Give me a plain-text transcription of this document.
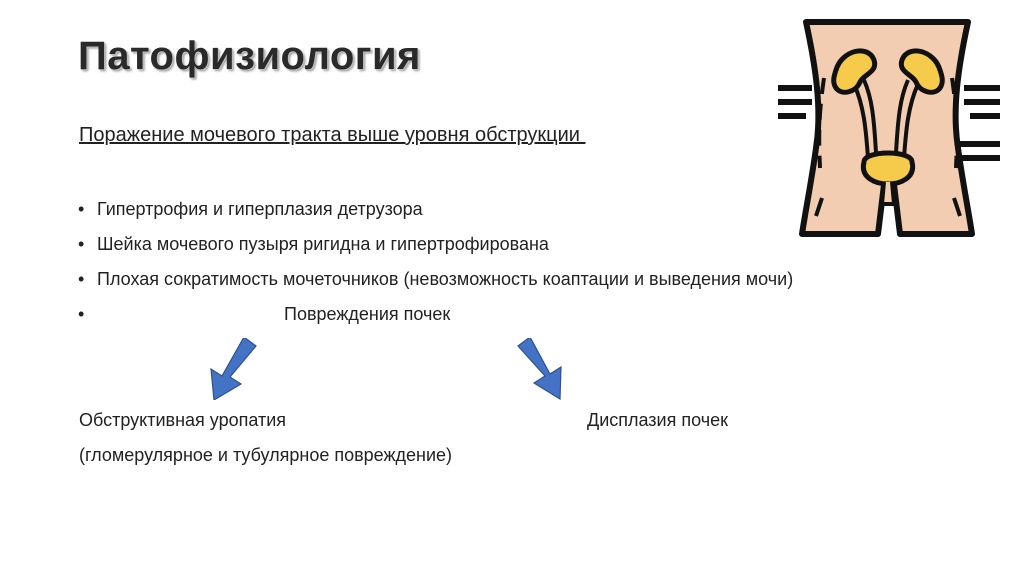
Патофизиология
Поражение мочевого тракта выше уровня обструкции
• Гипертрофия и гиперплазия детрузора
• Шейка мочевого пузыря ригидна и гипертрофирована
• Плохая сократимость мочеточников (невозможность коаптации и выведения мочи)
•	Повреждения почек
Обструктивная уропатия
(гломерулярное и тубулярное повреждение)
Дисплазия почек
